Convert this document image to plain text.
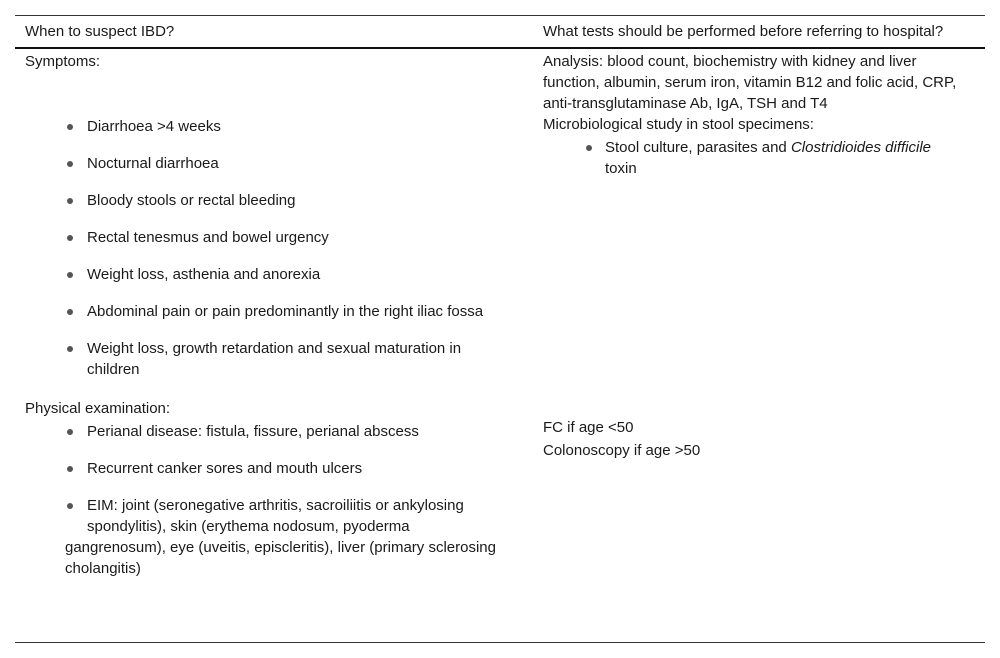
When to suspect IBD?	What tests should be performed before referring to hospital?
Symptoms:
Diarrhoea >4 weeks
Nocturnal diarrhoea
Bloody stools or rectal bleeding
Rectal tenesmus and bowel urgency
Weight loss, asthenia and anorexia
Abdominal pain or pain predominantly in the right iliac fossa
Weight loss, growth retardation and sexual maturation in children
Physical examination:
Perianal disease: fistula, fissure, perianal abscess
Recurrent canker sores and mouth ulcers
EIM: joint (seronegative arthritis, sacroiliitis or ankylosing spondylitis), skin (erythema nodosum, pyoderma
gangrenosum), eye (uveitis, episcleritis), liver (primary sclerosing cholangitis)
Analysis: blood count, biochemistry with kidney and liver function, albumin, serum iron, vitamin B12 and folic acid, CRP, anti-transglutaminase Ab, IgA, TSH and T4
Microbiological study in stool specimens:
Stool culture, parasites and Clostridioides difficile
toxin
FC if age <50
Colonoscopy if age >50
